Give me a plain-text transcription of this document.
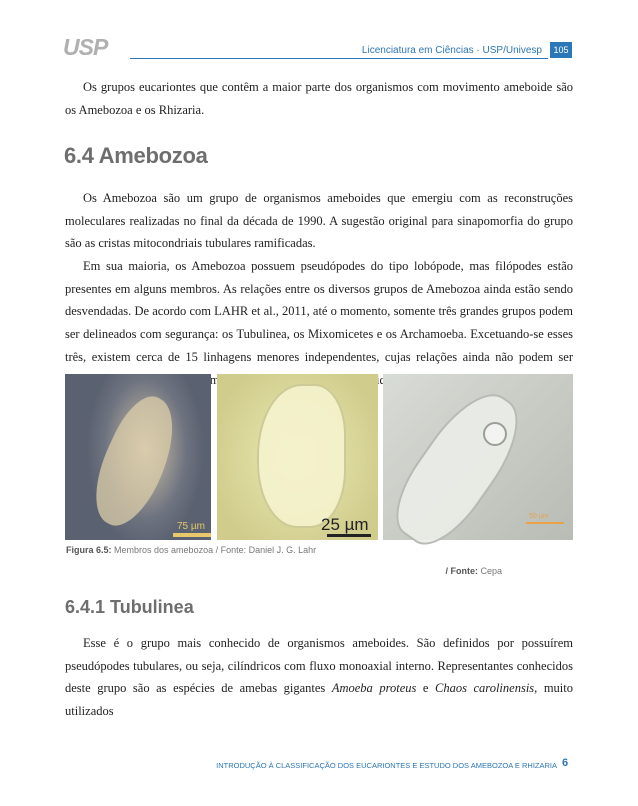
USP	Licenciatura em Ciências · USP/Univesp	105

Os grupos eucariontes que contêm a maior parte dos organismos com movimento ameboide são os Amebozoa e os Rhizaria.

6.4 Amebozoa

Os Amebozoa são um grupo de organismos ameboides que emergiu com as reconstruções moleculares realizadas no final da década de 1990. A sugestão original para sinapomorfia do grupo são as cristas mitocondriais tubulares ramificadas.

Em sua maioria, os Amebozoa possuem pseudópodes do tipo lobópode, mas filópodes estão presentes em alguns membros. As relações entre os diversos grupos de Amebozoa ainda estão sendo desvendadas. De acordo com LAHR et al., 2011, até o momento, somente três grandes grupos podem ser delineados com segurança: os Tubulinea, os Mixomicetes e os Archamoeba. Excetuando-se esses três, existem cerca de 15 linhagens menores independentes, cujas relações ainda não podem ser

75 µm	25 µm	50 µm
Figura 6.5: Membros dos amebozoa / Fonte: Daniel J. G. Lahr
/ Fonte: Cepa
6.4.1 Tubulinea

Esse é o grupo mais conhecido de organismos ameboides. São definidos por possuírem pseudópodes tubulares, ou seja, cilíndricos com fluxo monoaxial interno. Representantes conhecidos deste grupo são as espécies de amebas gigantes Amoeba proteus e Chaos carolinensis, muito utilizados

INTRODUÇÃO À CLASSIFICAÇÃO DOS EUCARIONTES E ESTUDO DOS AMEBOZOA E RHIZARIA 6
